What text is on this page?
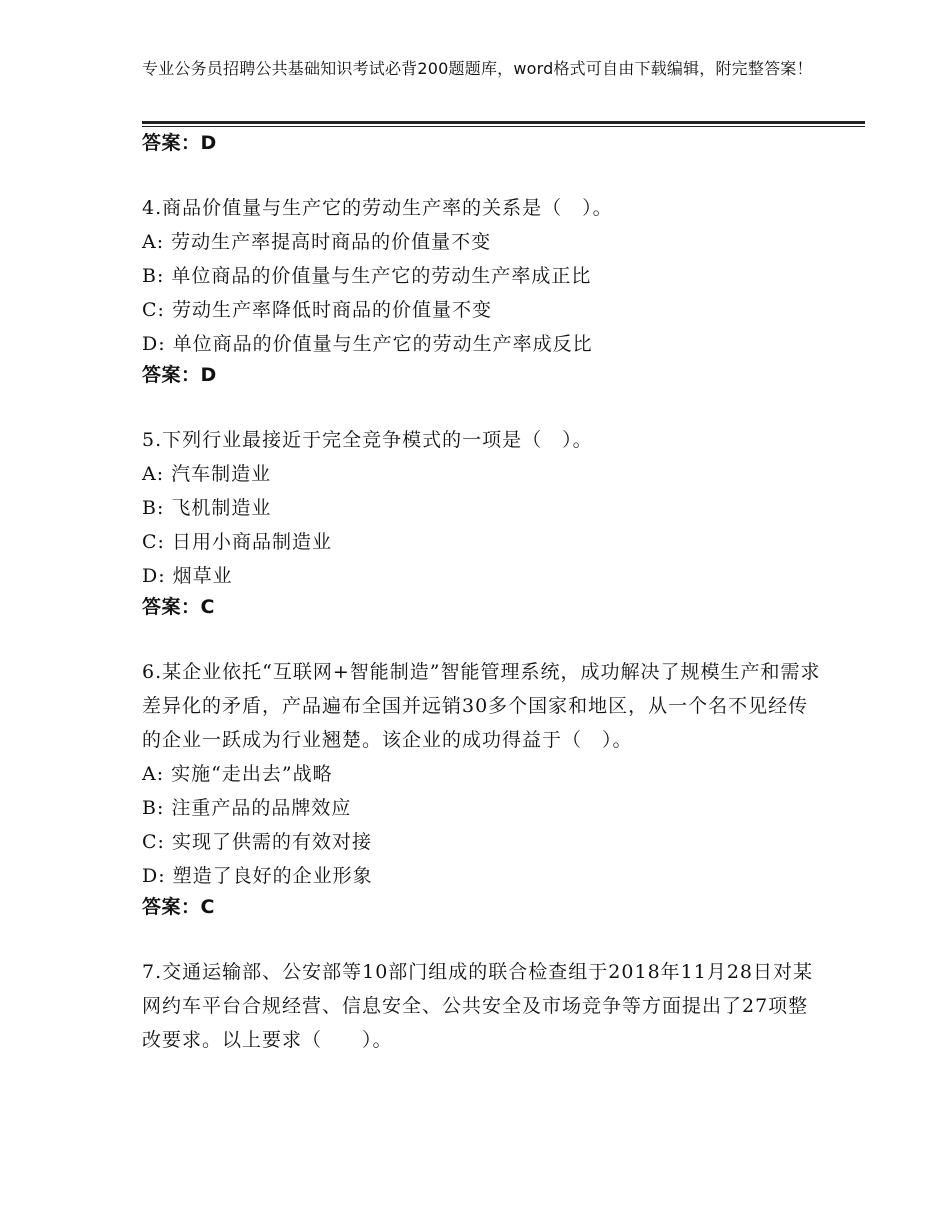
专业公务员招聘公共基础知识考试必背200题题库，word格式可自由下载编辑，附完整答案！
答案：D
4.商品价值量与生产它的劳动生产率的关系是（　）。
A: 劳动生产率提高时商品的价值量不变
B: 单位商品的价值量与生产它的劳动生产率成正比
C: 劳动生产率降低时商品的价值量不变
D: 单位商品的价值量与生产它的劳动生产率成反比
答案：D
5.下列行业最接近于完全竞争模式的一项是（　）。
A: 汽车制造业
B: 飞机制造业
C: 日用小商品制造业
D: 烟草业
答案：C
6.某企业依托“互联网+智能制造”智能管理系统，成功解决了规模生产和需求差异化的矛盾，产品遍布全国并远销30多个国家和地区，从一个名不见经传的企业一跃成为行业翘楚。该企业的成功得益于（　）。
A: 实施“走出去”战略
B: 注重产品的品牌效应
C: 实现了供需的有效对接
D: 塑造了良好的企业形象
答案：C
7.交通运输部、公安部等10部门组成的联合检查组于2018年11月28日对某网约车平台合规经营、信息安全、公共安全及市场竞争等方面提出了27项整改要求。以上要求（　　）。
